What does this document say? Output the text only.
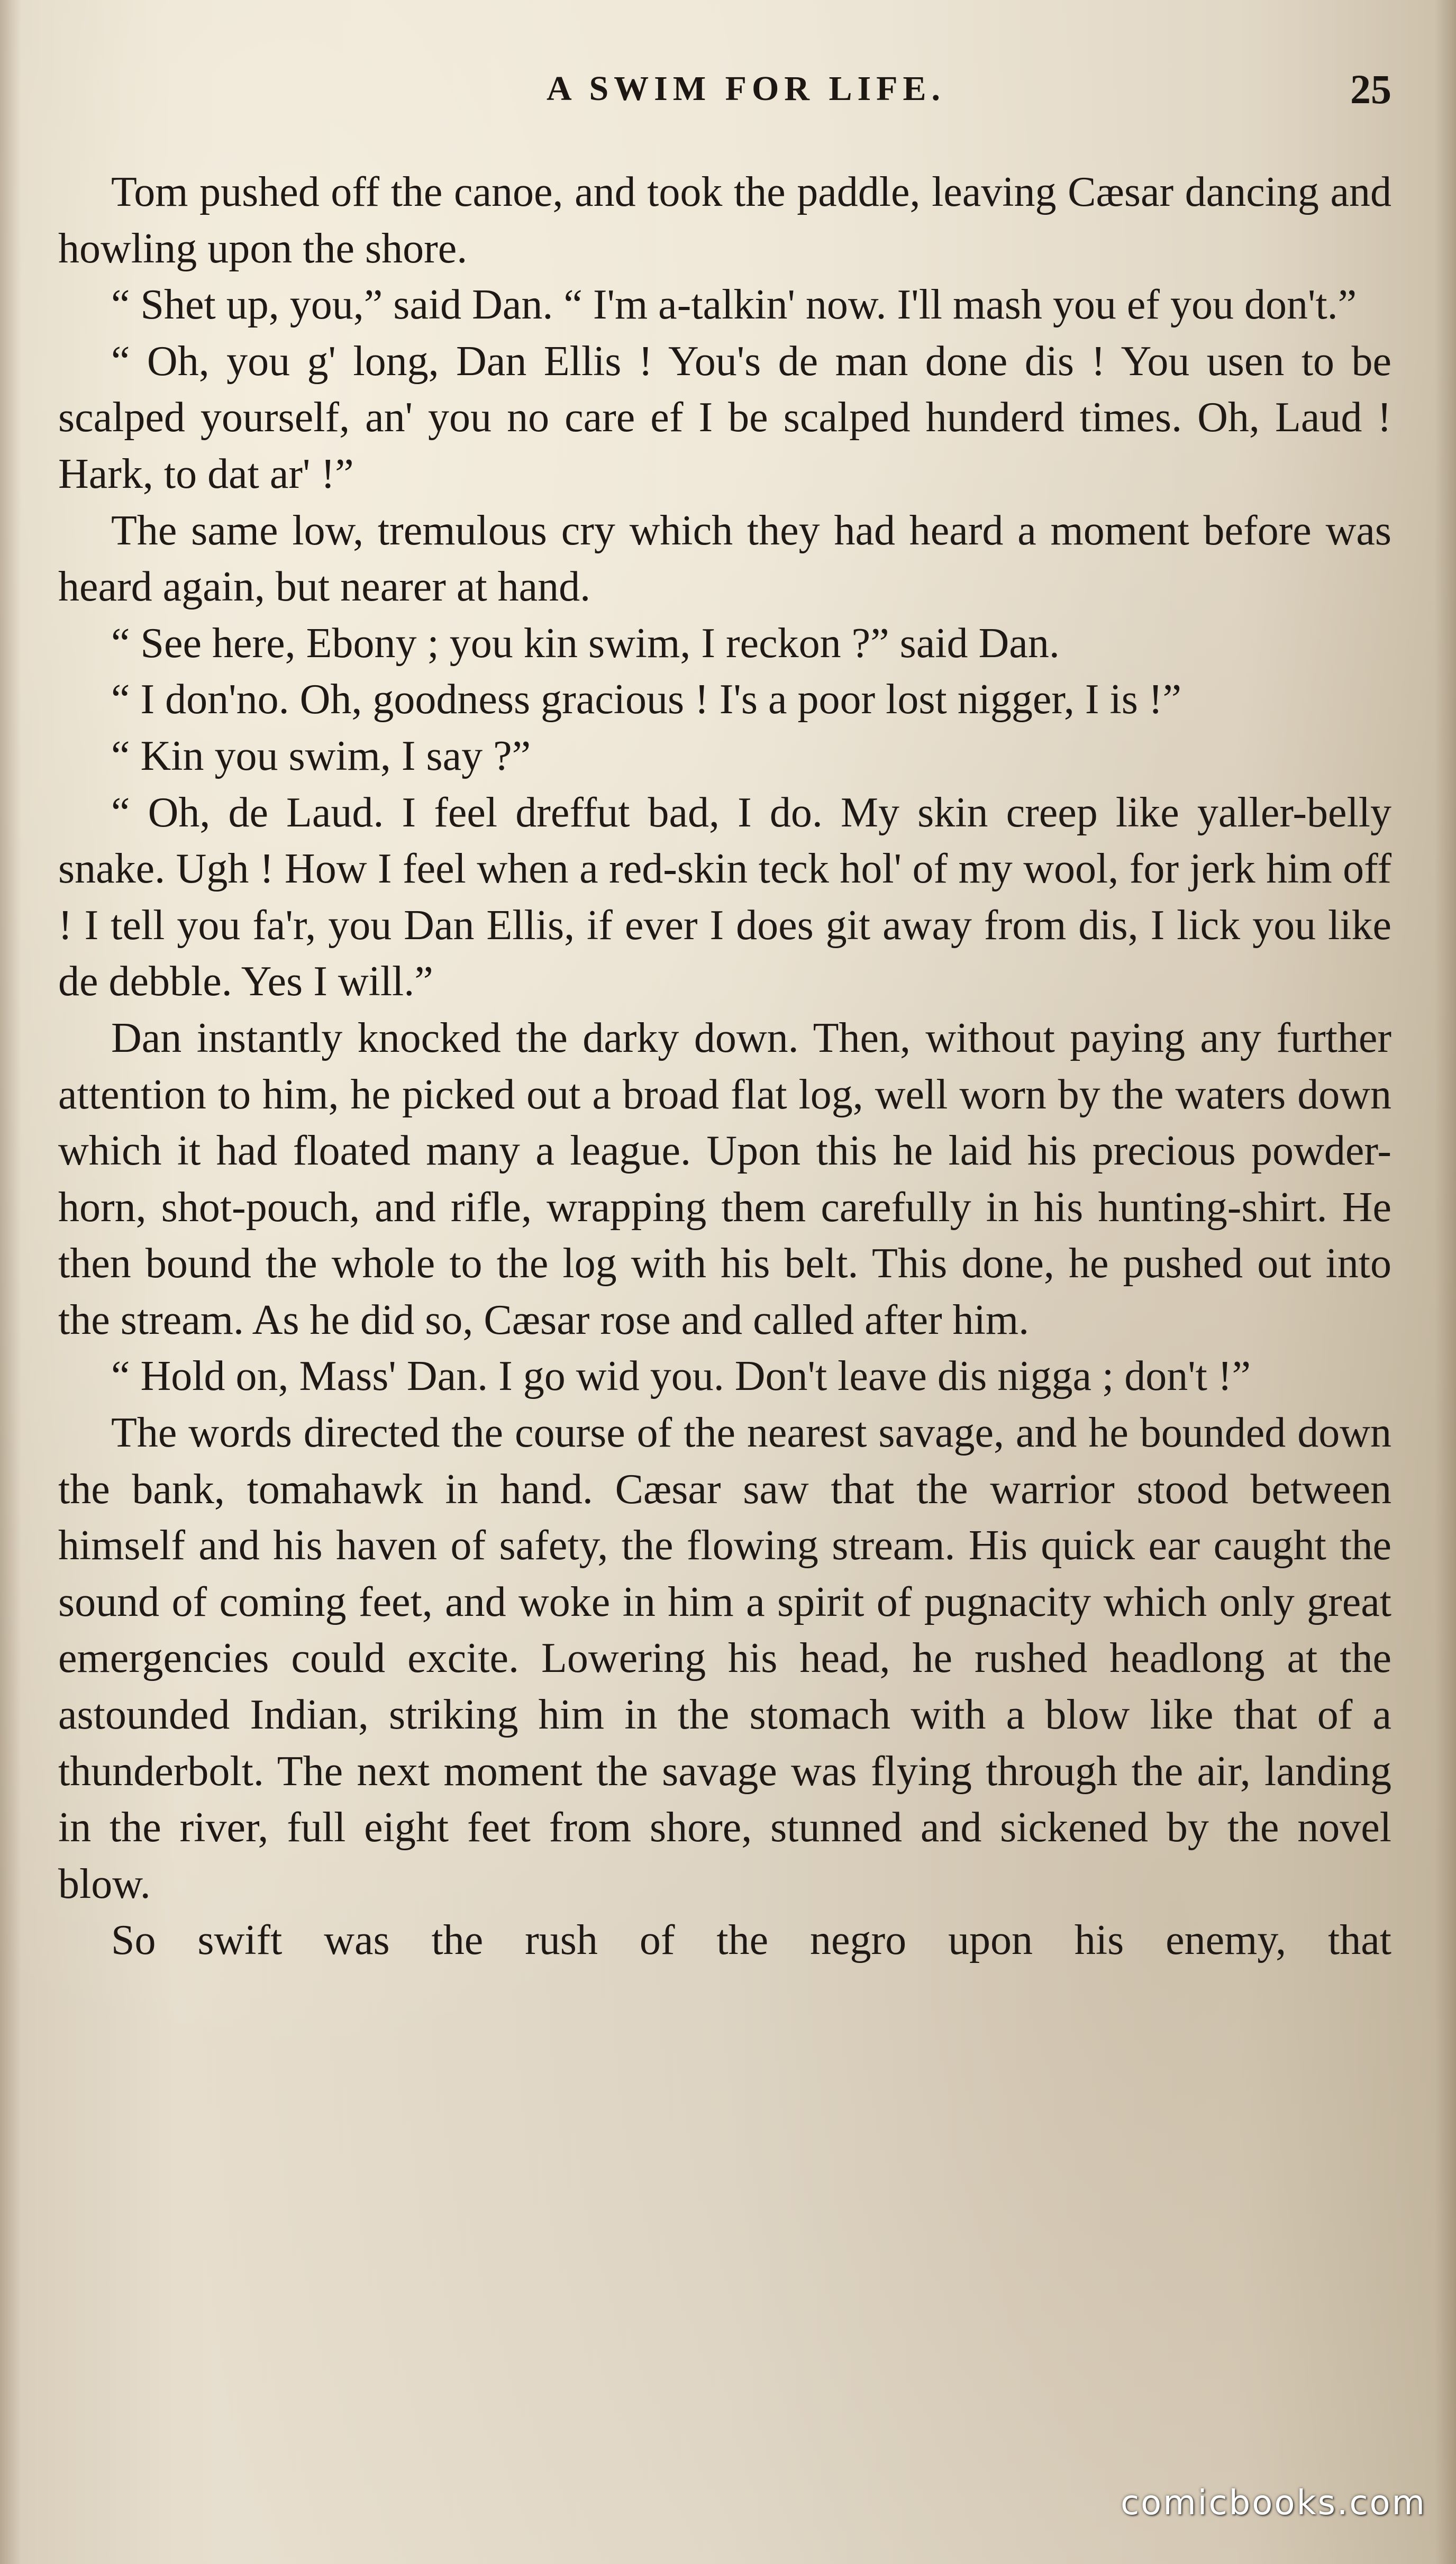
A SWIM FOR LIFE.	25

Tom pushed off the canoe, and took the paddle, leaving Cæsar dancing and howling upon the shore.

“ Shet up, you,” said Dan. “ I'm a-talkin' now. I'll mash you ef you don't.”

“ Oh, you g' long, Dan Ellis ! You's de man done dis ! You usen to be scalped yourself, an' you no care ef I be scalped hunderd times. Oh, Laud ! Hark, to dat ar' !”

The same low, tremulous cry which they had heard a moment before was heard again, but nearer at hand.

“ See here, Ebony ; you kin swim, I reckon ?” said Dan.

“ I don'no. Oh, goodness gracious ! I's a poor lost nigger, I is !”

“ Kin you swim, I say ?”

“ Oh, de Laud. I feel dreffut bad, I do. My skin creep like yaller-belly snake. Ugh ! How I feel when a red-skin teck hol' of my wool, for jerk him off ! I tell you fa'r, you Dan Ellis, if ever I does git away from dis, I lick you like de debble. Yes I will.”

Dan instantly knocked the darky down. Then, without paying any further attention to him, he picked out a broad flat log, well worn by the waters down which it had floated many a league. Upon this he laid his precious powder-horn, shot-pouch, and rifle, wrapping them carefully in his hunting-shirt. He then bound the whole to the log with his belt. This done, he pushed out into the stream. As he did so, Cæsar rose and called after him.

“ Hold on, Mass' Dan. I go wid you. Don't leave dis nigga ; don't !”

The words directed the course of the nearest savage, and he bounded down the bank, tomahawk in hand. Cæsar saw that the warrior stood between himself and his haven of safety, the flowing stream. His quick ear caught the sound of coming feet, and woke in him a spirit of pugnacity which only great emergencies could excite. Lowering his head, he rushed headlong at the astounded Indian, striking him in the stomach with a blow like that of a thunderbolt. The next moment the savage was flying through the air, landing in the river, full eight feet from shore, stunned and sickened by the novel blow.

So swift was the rush of the negro upon his enemy, that

comicbooks.com
